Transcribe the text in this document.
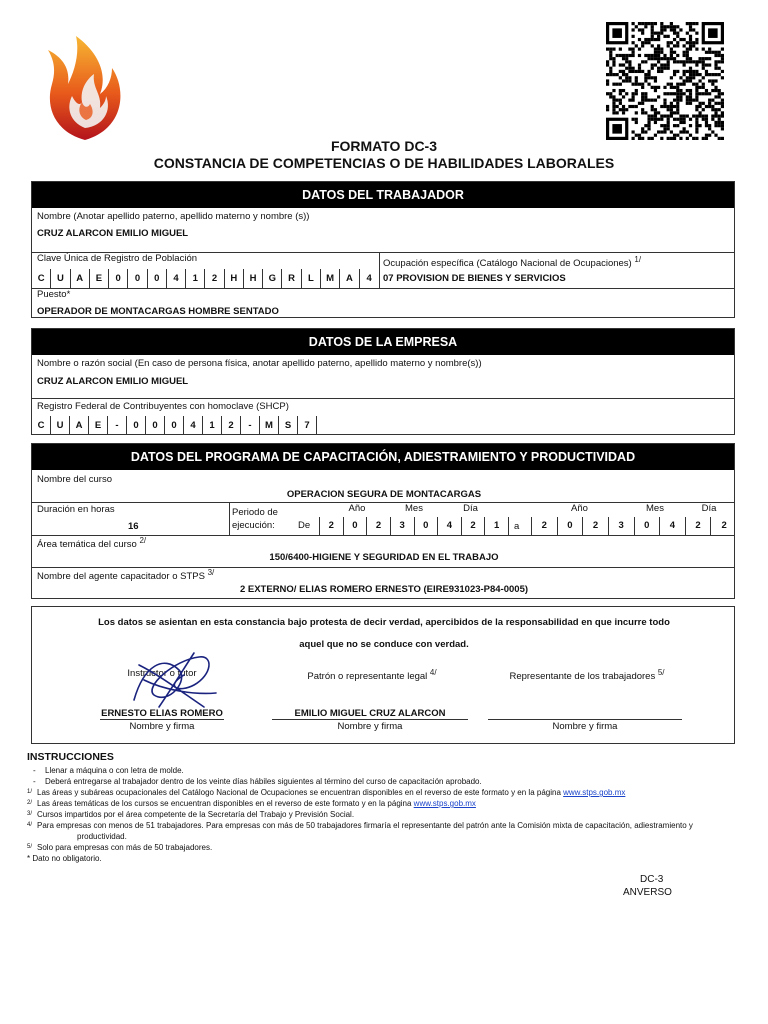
FORMATO DC-3
CONSTANCIA DE COMPETENCIAS O DE HABILIDADES LABORALES
DATOS DEL TRABAJADOR
Nombre (Anotar apellido paterno, apellido materno y nombre (s))
CRUZ ALARCON EMILIO MIGUEL
Clave Única de Registro de Población	Ocupación específica (Catálogo Nacional de Ocupaciones) $^{1/}$
C	U	A	E	0	0	0	4	1	2	H	H	G	R	L	M	A	4	07 PROVISION DE BIENES Y SERVICIOS
Puesto*
OPERADOR DE MONTACARGAS HOMBRE SENTADO
DATOS DE LA EMPRESA
Nombre o razón social (En caso de persona física, anotar apellido paterno, apellido materno y nombre(s))
CRUZ ALARCON EMILIO MIGUEL
Registro Federal de Contribuyentes con homoclave (SHCP)
C	U	A	E	-	0	0	0	4	1	2	-	M	S	7
DATOS DEL PROGRAMA DE CAPACITACIÓN, ADIESTRAMIENTO Y PRODUCTIVIDAD
Nombre del curso
OPERACION SEGURA DE MONTACARGAS
Duración en horas
16
Periodo de
ejecución: De
Año	Mes	Día	Año	Mes	Día
2	0	2	3	0	4	2	1	a	2	0	2	3	0	4	2	2
Área temática del curso $^{2/}$
150/6400-HIGIENE Y SEGURIDAD EN EL TRABAJO
Nombre del agente capacitador o STPS $^{3/}$
2 EXTERNO/ ELIAS ROMERO ERNESTO (EIRE931023-P84-0005)
Los datos se asientan en esta constancia bajo protesta de decir verdad, apercibidos de la responsabilidad en que incurre todo
aquel que no se conduce con verdad.
Instructor o tutor	Patrón o representante legal $^{4/}$	Representante de los trabajadores $^{5/}$
ERNESTO ELIAS ROMERO	EMILIO MIGUEL CRUZ ALARCON
Nombre y firma	Nombre y firma	Nombre y firma
INSTRUCCIONES
- Llenar a máquina o con letra de molde.
- Deberá entregarse al trabajador dentro de los veinte días hábiles siguientes al término del curso de capacitación aprobado.
1/ Las áreas y subáreas ocupacionales del Catálogo Nacional de Ocupaciones se encuentran disponibles en el reverso de este formato y en la página www.stps.gob.mx
2/ Las áreas temáticas de los cursos se encuentran disponibles en el reverso de este formato y en la página www.stps.gob.mx
3/ Cursos impartidos por el área competente de la Secretaría del Trabajo y Previsión Social.
4/ Para empresas con menos de 51 trabajadores. Para empresas con más de 50 trabajadores firmaría el representante del patrón ante la Comisión mixta de capacitación, adiestramiento y
productividad.
5/ Solo para empresas con más de 50 trabajadores.
* Dato no obligatorio.
DC-3
ANVERSO
